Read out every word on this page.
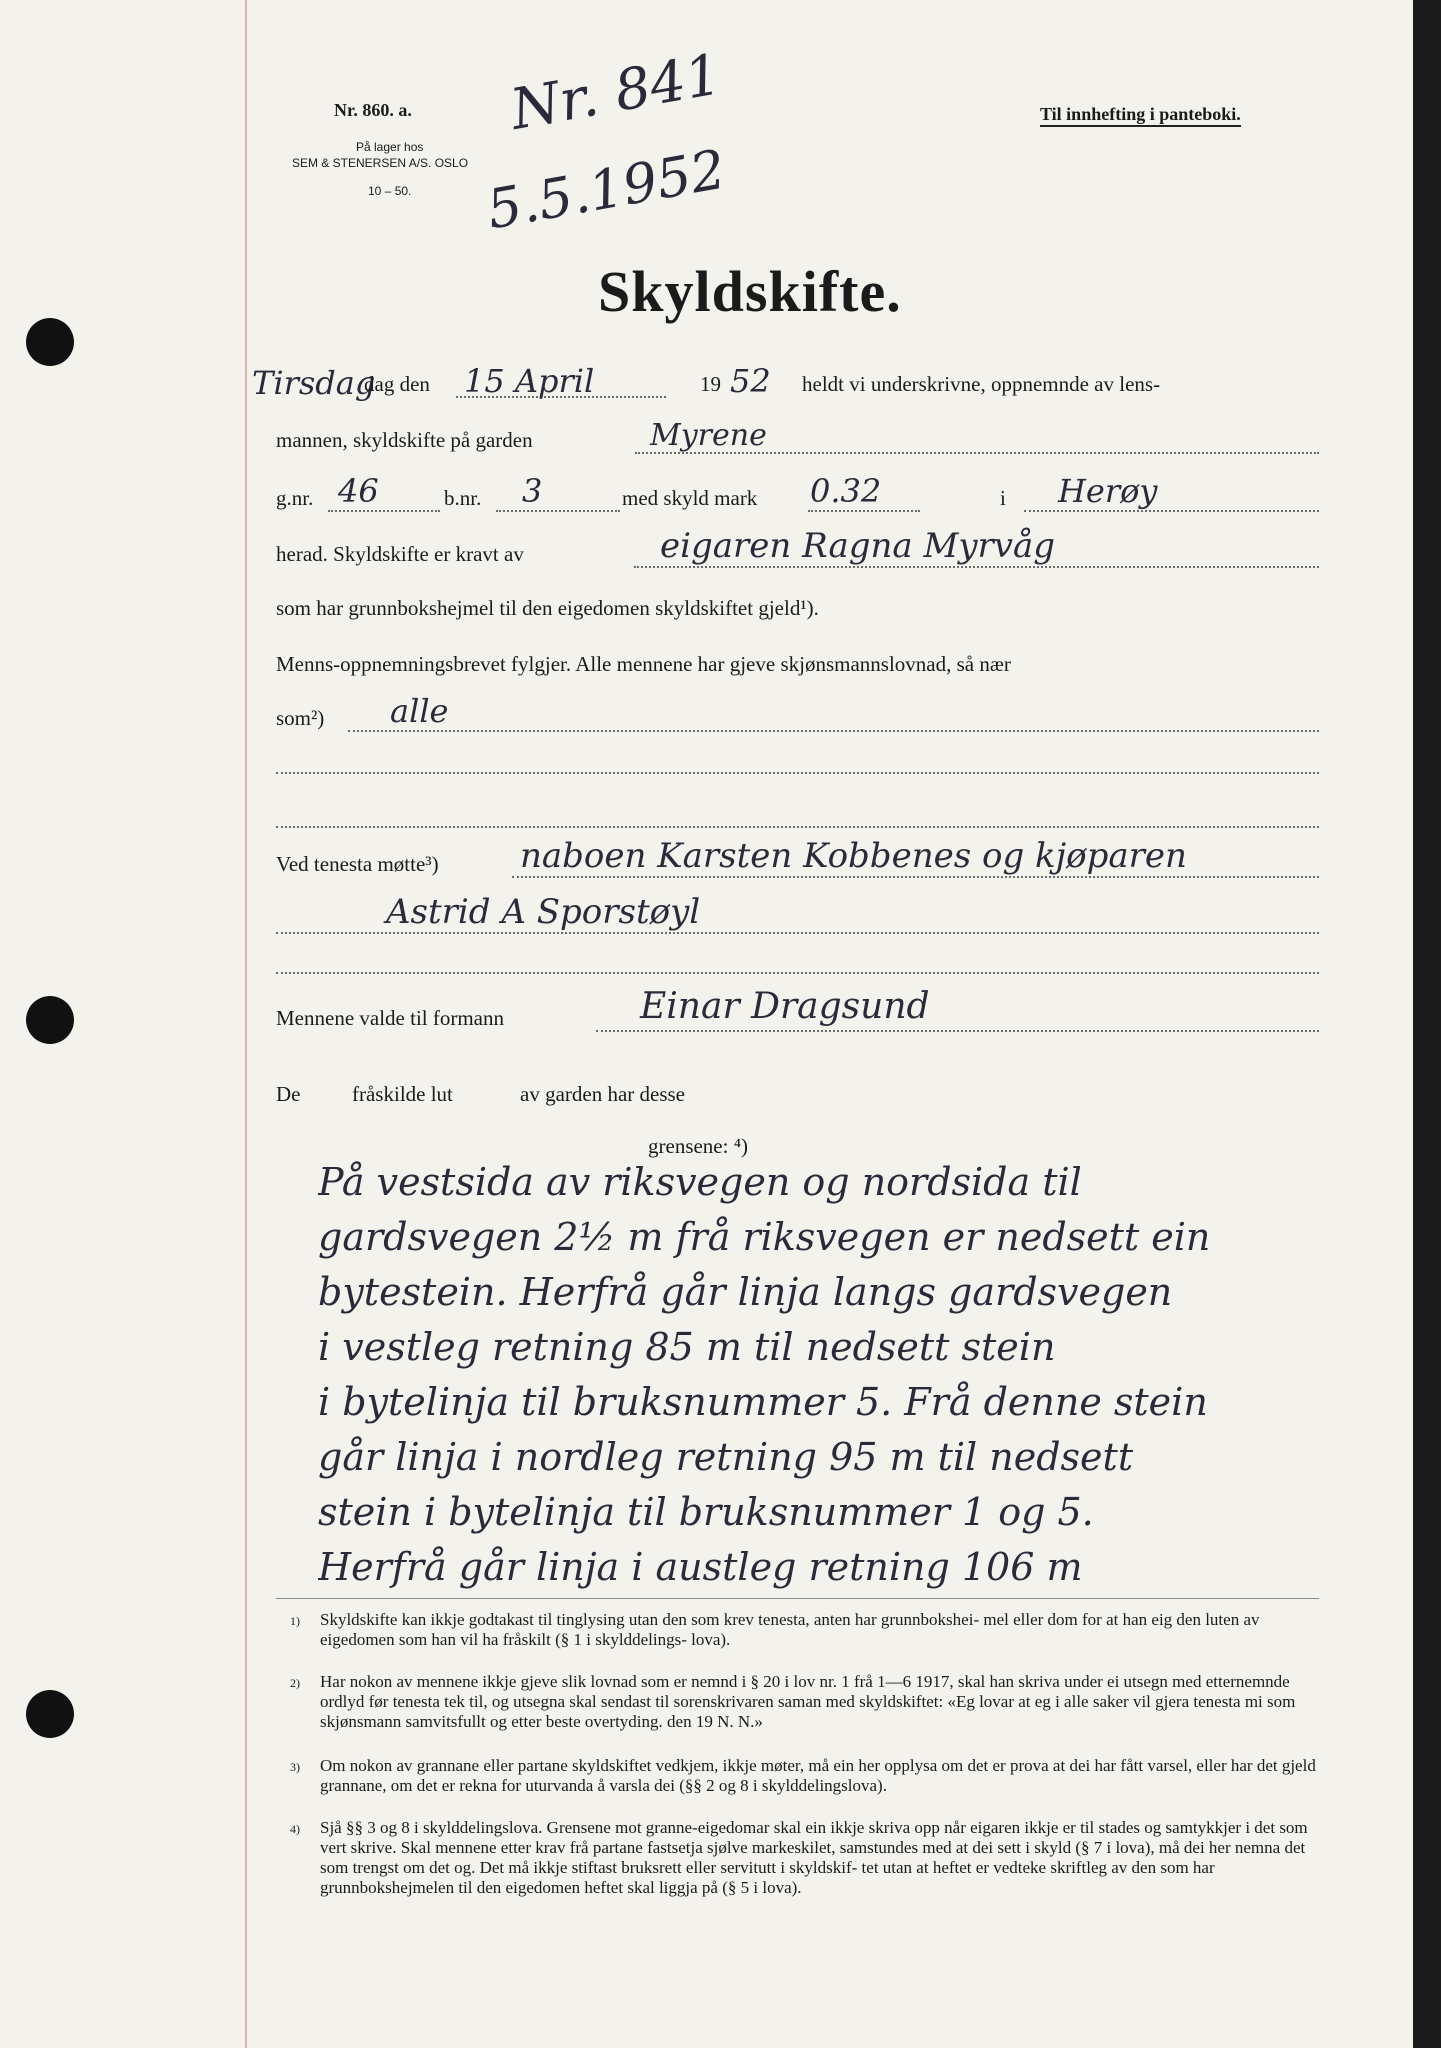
Nr. 860. a.
På lager hos
SEM & STENERSEN A/S. OSLO
10 – 50.
Til innhefting i panteboki.
Nr. 841
5.5.1952
Skyldskifte.
Tirsdag
dag den 15 April	19 52 heldt vi underskrivne, oppnemnde av lens-
mannen, skyldskifte på garden	Myrene
g.nr. 46	b.nr. 3	med skyld mark 0.32	i Herøy
herad. Skyldskifte er kravt av	eigaren Ragna Myrvåg
som har grunnbokshejmel til den eigedomen skyldskiftet gjeld¹).
Menns-oppnemningsbrevet fylgjer. Alle mennene har gjeve skjønsmannslovnad, så nær
som²) alle
Ved tenesta møtte³) naboen Karsten Kobbenes og kjøparen
Astrid A Sporstøyl
Mennene valde til formann	Einar Dragsund
De fråskilde lut	av garden har desse
grensene: ⁴)
På vestsida av riksvegen og nordsida til
gardsvegen 2½ m frå riksvegen er nedsett ein
bytestein. Herfrå går linja langs gardsvegen
i vestleg retning 85 m til nedsett stein
i bytelinja til bruksnummer 5. Frå denne stein
går linja i nordleg retning 95 m til nedsett
stein i bytelinja til bruksnummer 1 og 5.
Herfrå går linja i austleg retning 106 m
1) Skyldskifte kan ikkje godtakast til tinglysing utan den som krev tenesta, anten har grunnbokshei- mel eller dom for at han eig den luten av eigedomen som han vil ha fråskilt (§ 1 i skylddelings- lova).
2) Har nokon av mennene ikkje gjeve slik lovnad som er nemnd i § 20 i lov nr. 1 frå 1—6 1917, skal han skriva under ei utsegn med etternemnde ordlyd før tenesta tek til, og utsegna skal sendast til sorenskrivaren saman med skyldskiftet: «Eg lovar at eg i alle saker vil gjera tenesta mi som skjønsmann samvitsfullt og etter beste overtyding. den 19 N. N.»
3) Om nokon av grannane eller partane skyldskiftet vedkjem, ikkje møter, må ein her opplysa om det er prova at dei har fått varsel, eller har det gjeld grannane, om det er rekna for uturvanda å varsla dei (§§ 2 og 8 i skylddelingslova).
4) Sjå §§ 3 og 8 i skylddelingslova. Grensene mot granne-eigedomar skal ein ikkje skriva opp når eigaren ikkje er til stades og samtykkjer i det som vert skrive. Skal mennene etter krav frå partane fastsetja sjølve markeskilet, samstundes med at dei sett i skyld (§ 7 i lova), må dei her nemna det som trengst om det og. Det må ikkje stiftast bruksrett eller servitutt i skyldskif- tet utan at heftet er vedteke skriftleg av den som har grunnbokshejmelen til den eigedomen heftet skal liggja på (§ 5 i lova).
